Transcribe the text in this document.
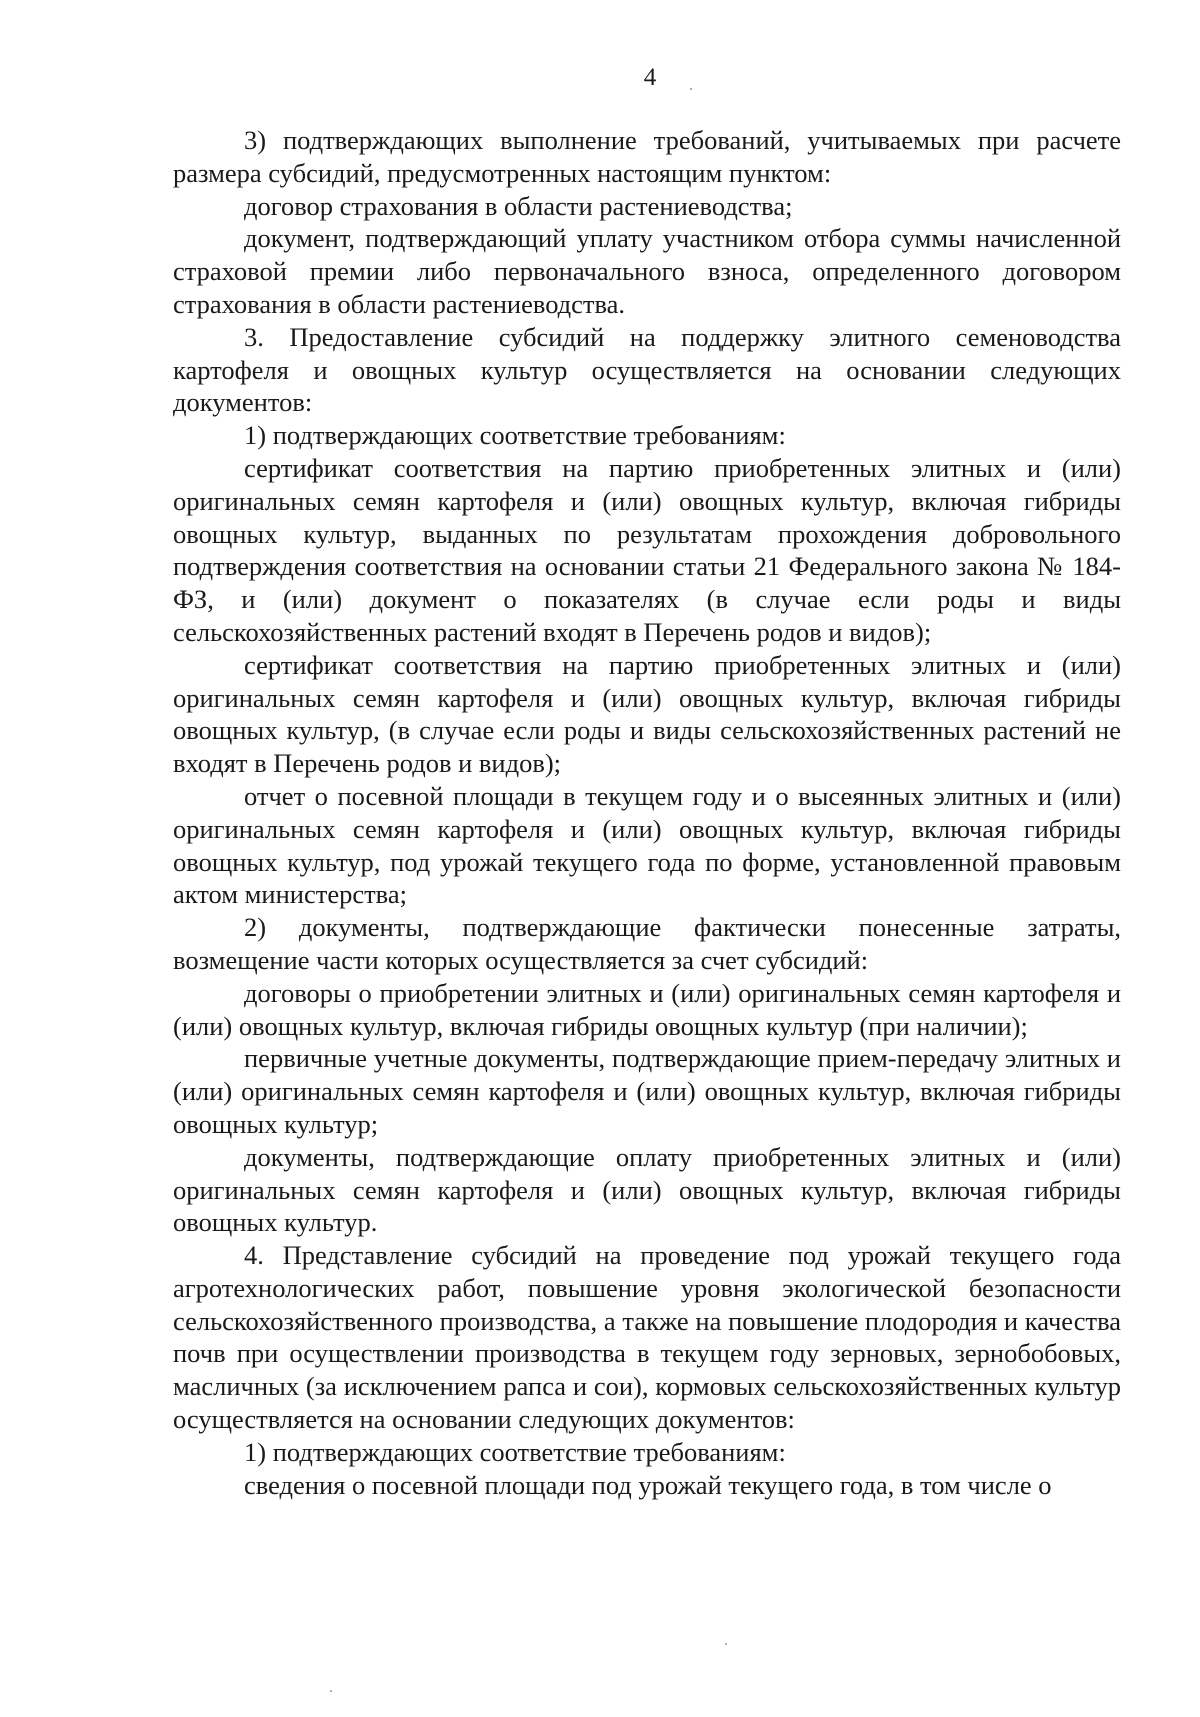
4

3) подтверждающих выполнение требований, учитываемых при расчете размера субсидий, предусмотренных настоящим пунктом:

договор страхования в области растениеводства;

документ, подтверждающий уплату участником отбора суммы начисленной страховой премии либо первоначального взноса, определенного договором страхования в области растениеводства.

3. Предоставление субсидий на поддержку элитного семеноводства картофеля и овощных культур осуществляется на основании следующих документов:

1) подтверждающих соответствие требованиям:

сертификат соответствия на партию приобретенных элитных и (или) оригинальных семян картофеля и (или) овощных культур, включая гибриды овощных культур, выданных по результатам прохождения добровольного подтверждения соответствия на основании статьи 21 Федерального закона № 184-ФЗ, и (или) документ о показателях (в случае если роды и виды сельскохозяйственных растений входят в Перечень родов и видов);

сертификат соответствия на партию приобретенных элитных и (или) оригинальных семян картофеля и (или) овощных культур, включая гибриды овощных культур, (в случае если роды и виды сельскохозяйственных растений не входят в Перечень родов и видов);

отчет о посевной площади в текущем году и о высеянных элитных и (или) оригинальных семян картофеля и (или) овощных культур, включая гибриды овощных культур, под урожай текущего года по форме, установленной правовым актом министерства;

2) документы, подтверждающие фактически понесенные затраты, возмещение части которых осуществляется за счет субсидий:

договоры о приобретении элитных и (или) оригинальных семян картофеля и (или) овощных культур, включая гибриды овощных культур (при наличии);

первичные учетные документы, подтверждающие прием-передачу элитных и (или) оригинальных семян картофеля и (или) овощных культур, включая гибриды овощных культур;

документы, подтверждающие оплату приобретенных элитных и (или) оригинальных семян картофеля и (или) овощных культур, включая гибриды овощных культур.

4. Представление субсидий на проведение под урожай текущего года агротехнологических работ, повышение уровня экологической безопасности сельскохозяйственного производства, а также на повышение плодородия и качества почв при осуществлении производства в текущем году зерновых, зернобобовых, масличных (за исключением рапса и сои), кормовых сельскохозяйственных культур осуществляется на основании следующих документов:

1) подтверждающих соответствие требованиям:

сведения о посевной площади под урожай текущего года, в том числе о
